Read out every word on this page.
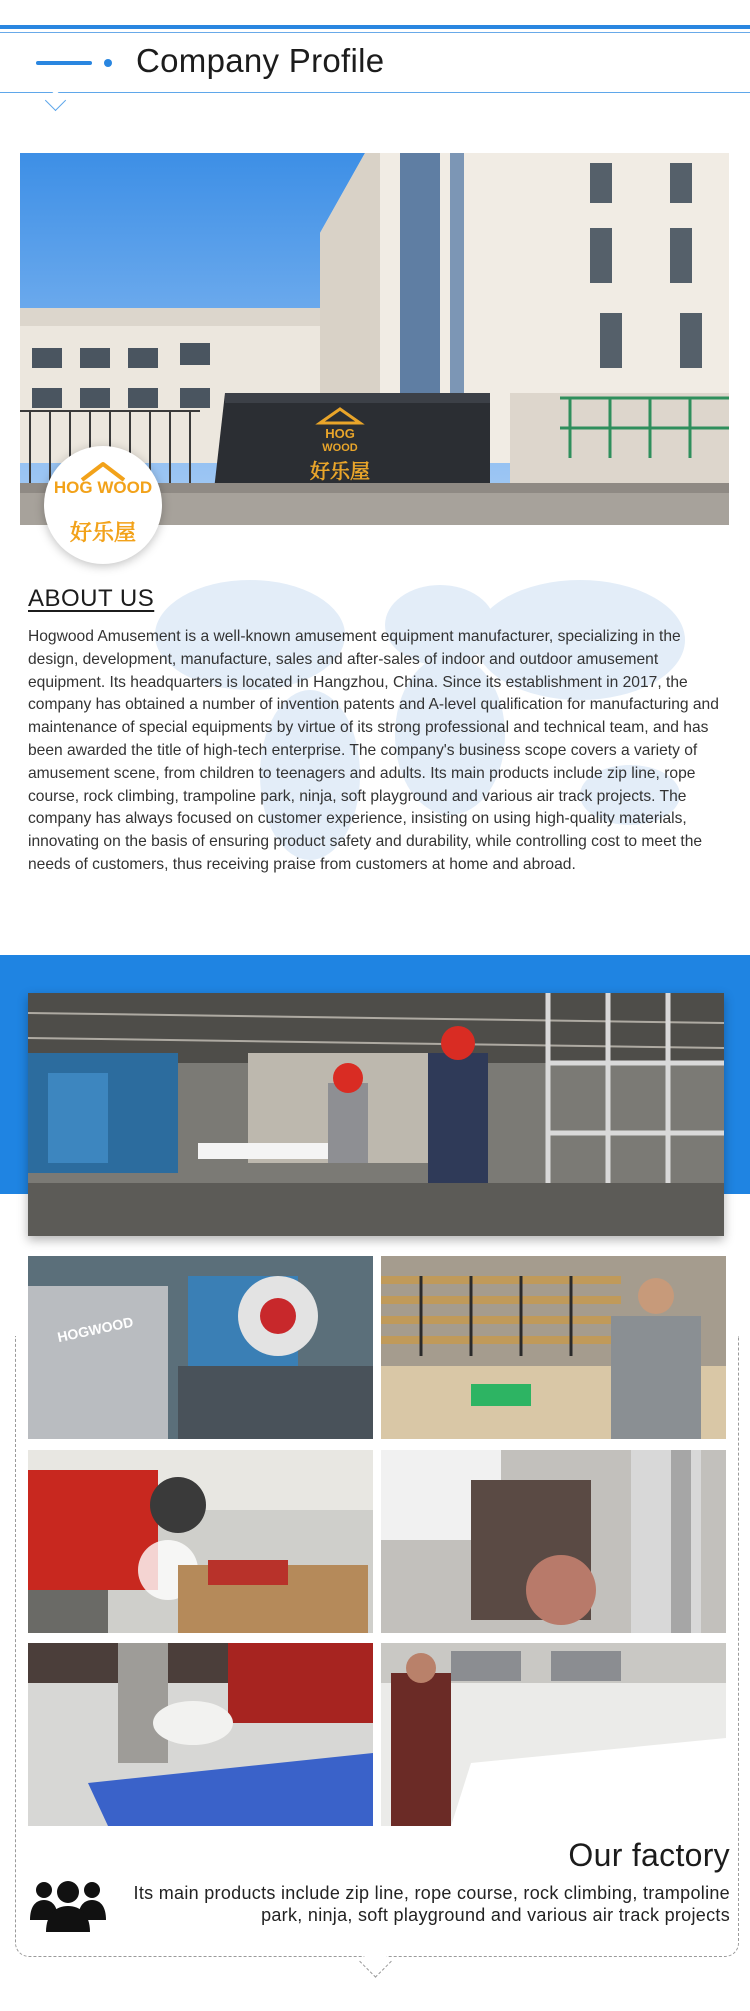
Company Profile
HOG
WOOD
好乐屋
HOG WOOD
好乐屋
ABOUT US
Hogwood Amusement is a well-known amusement equipment manufacturer, specializing in the design, development, manufacture, sales and after-sales of indoor and outdoor amusement equipment. Its headquarters is located in Hangzhou, China. Since its establishment in 2017, the company has obtained a number of invention patents and A-level qualification for manufacturing and maintenance of special equipments by virtue of its strong professional and technical team, and has been awarded the title of high-tech enterprise. The company's business scope covers a variety of amusement scene, from children to teenagers and adults. Its main products include zip line, rope course, rock climbing, trampoline park, ninja, soft playground and various air track projects. The company has always focused on customer experience, insisting on using high-quality materials, innovating on the basis of ensuring product safety and durability, while controlling cost to meet the needs of customers, thus receiving praise from customers at home and abroad.
HOGWOOD
Our factory
Its main products include zip line, rope course, rock climbing, trampoline park, ninja, soft playground and various air track projects
